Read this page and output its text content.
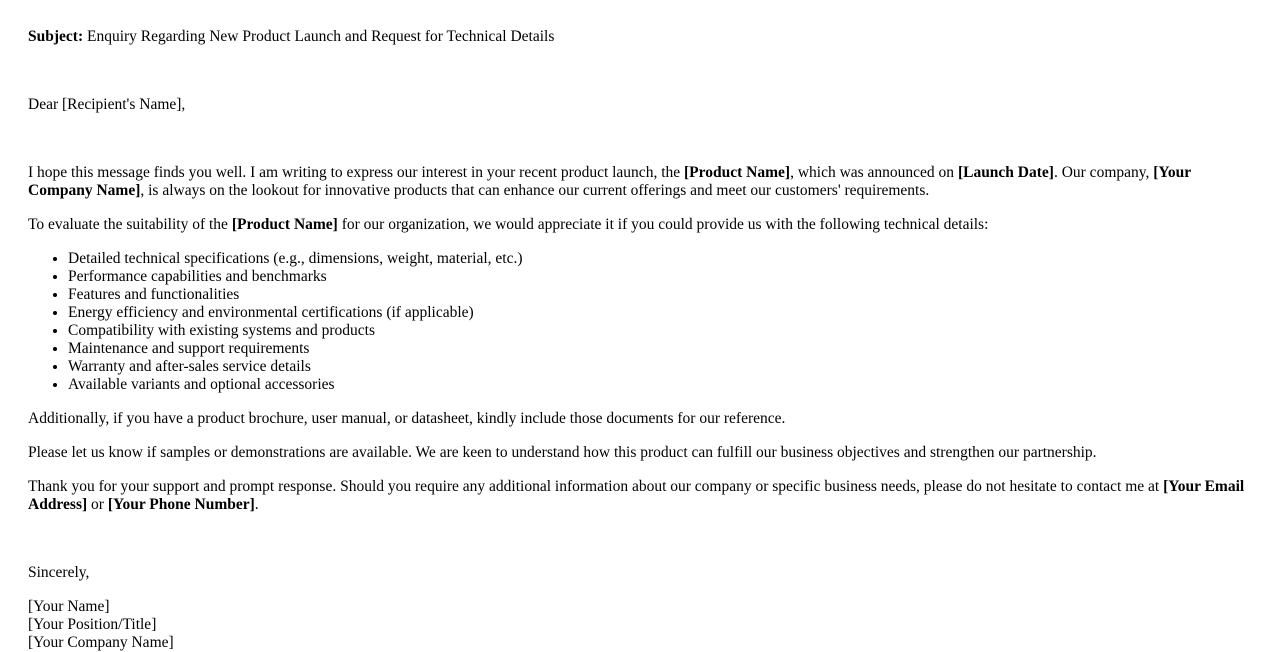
Subject: Enquiry Regarding New Product Launch and Request for Technical Details

Dear [Recipient's Name],

I hope this message finds you well. I am writing to express our interest in your recent product launch, the [Product Name], which was announced on [Launch Date]. Our company, [Your Company Name], is always on the lookout for innovative products that can enhance our current offerings and meet our customers' requirements.

To evaluate the suitability of the [Product Name] for our organization, we would appreciate it if you could provide us with the following technical details:

• Detailed technical specifications (e.g., dimensions, weight, material, etc.)
• Performance capabilities and benchmarks
• Features and functionalities
• Energy efficiency and environmental certifications (if applicable)
• Compatibility with existing systems and products
• Maintenance and support requirements
• Warranty and after-sales service details
• Available variants and optional accessories

Additionally, if you have a product brochure, user manual, or datasheet, kindly include those documents for our reference.

Please let us know if samples or demonstrations are available. We are keen to understand how this product can fulfill our business objectives and strengthen our partnership.

Thank you for your support and prompt response. Should you require any additional information about our company or specific business needs, please do not hesitate to contact me at [Your Email Address] or [Your Phone Number].

Sincerely,

[Your Name]

[Your Position/Title]

[Your Company Name]
